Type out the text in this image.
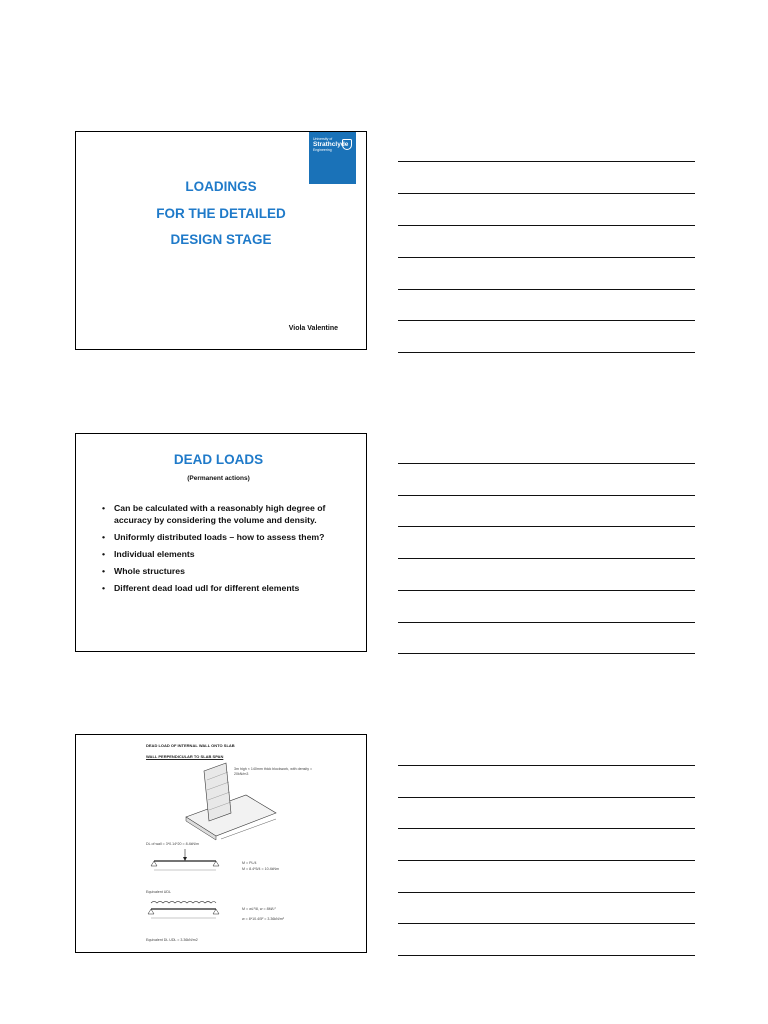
University of
Strathclyde
Engineering
LOADINGS
FOR THE DETAILED
DESIGN STAGE
Viola Valentine
DEAD LOADS
(Permanent actions)
• Can be calculated with a reasonably high degree of accuracy by considering the volume and density.
• Uniformly distributed loads – how to assess them?
• Individual elements
• Whole structures
• Different dead load udl for different elements
DEAD LOAD OF INTERNAL WALL ONTO SLAB
WALL PERPENDICULAR TO SLAB SPAN
3m high × 140mm thick blockwork, with density = 20kN/m3
DL of wall = 3*0.14*20 = 8.4kN/m
M = PL/4
M = 8.4*5/4 = 10.4kNm
Equivalent UDL
M = wL²/8, w = 8M/L²
w = 8*10.4/5² = 3.36kN/m²
Equivalent DL UDL = 3.36kN/m2
